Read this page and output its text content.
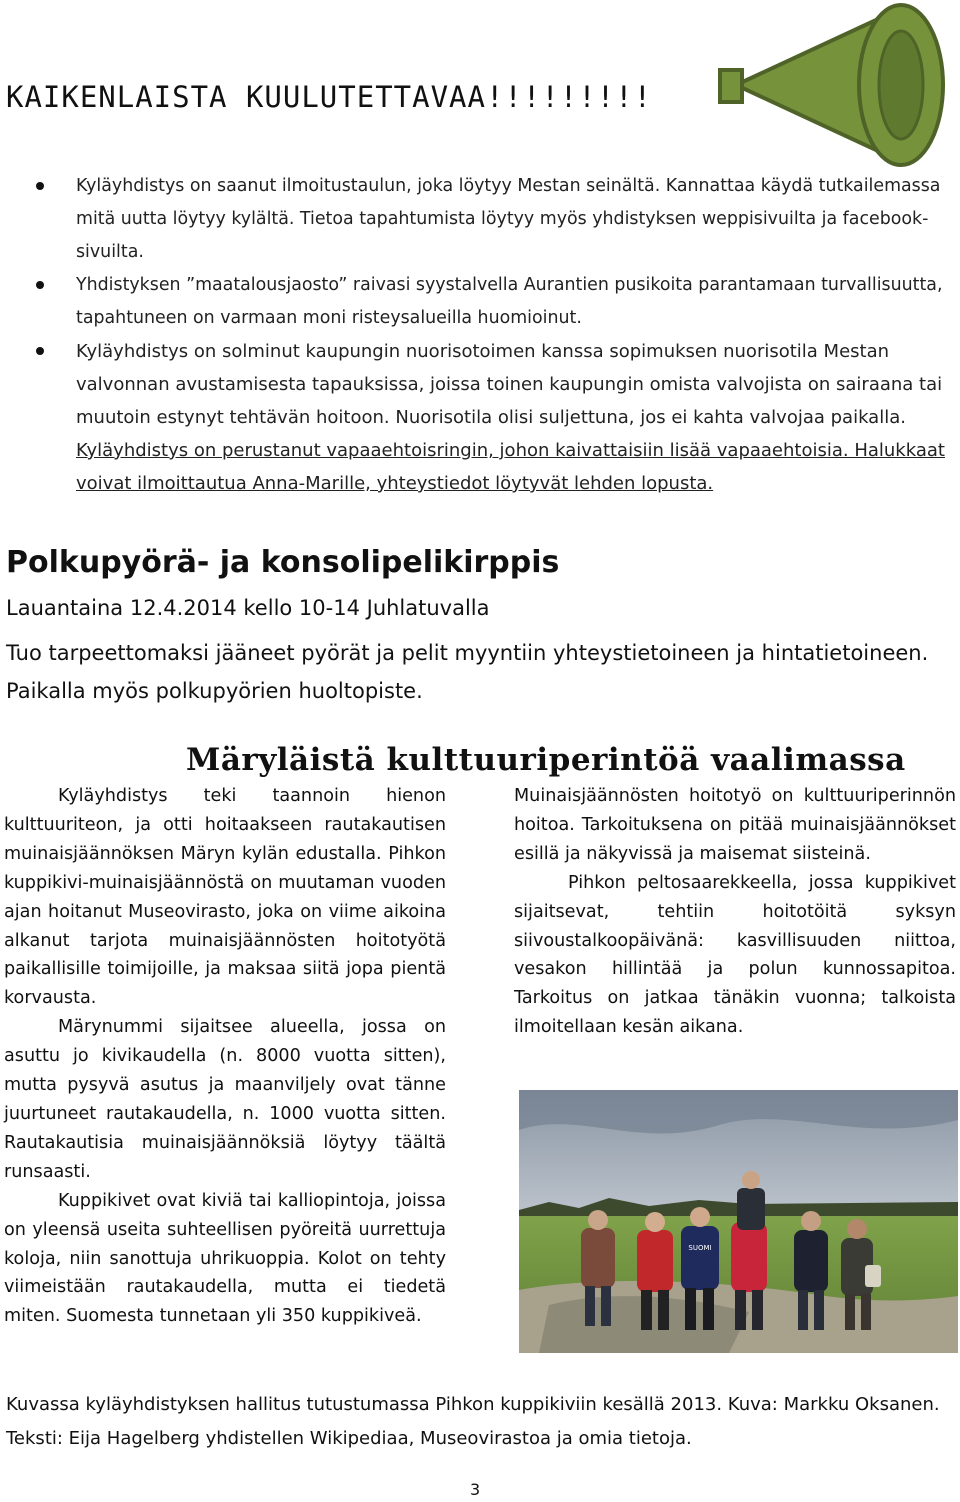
KAIKENLAISTA KUULUTETTAVAA!!!!!!!!!
Kyläyhdistys on saanut ilmoitustaulun, joka löytyy Mestan seinältä. Kannattaa käydä tutkailemassa mitä uutta löytyy kylältä. Tietoa tapahtumista löytyy myös yhdistyksen weppisivuilta ja facebook- sivuilta.
Yhdistyksen ”maatalousjaosto” raivasi syystalvella Aurantien pusikoita parantamaan turvallisuutta, tapahtuneen on varmaan moni risteysalueilla huomioinut.
Kyläyhdistys on solminut kaupungin nuorisotoimen kanssa sopimuksen nuorisotila Mestan valvonnan avustamisesta tapauksissa, joissa toinen kaupungin omista valvojista on sairaana tai muutoin estynyt tehtävän hoitoon. Nuorisotila olisi suljettuna, jos ei kahta valvojaa paikalla. Kyläyhdistys on perustanut vapaaehtoisringin, johon kaivattaisiin lisää vapaaehtoisia. Halukkaat voivat ilmoittautua Anna-Marille, yhteystiedot löytyvät lehden lopusta.
Polkupyörä- ja konsolipelikirppis
Lauantaina 12.4.2014 kello 10-14 Juhlatuvalla
Tuo tarpeettomaksi jääneet pyörät ja pelit myyntiin yhteystietoineen ja hintatietoineen. Paikalla myös polkupyörien huoltopiste.
Märyläistä kulttuuriperintöä vaalimassa

Kyläyhdistys teki taannoin hienon kulttuuriteon, ja otti hoitaakseen rautakautisen muinaisjäännöksen Märyn kylän edustalla. Pihkon kuppikivi-muinaisjäännöstä on muutaman vuoden ajan hoitanut Museovirasto, joka on viime aikoina alkanut tarjota muinaisjäännösten hoitotyötä paikallisille toimijoille, ja maksaa siitä jopa pientä korvausta.

Märynummi sijaitsee alueella, jossa on asuttu jo kivikaudella (n. 8000 vuotta sitten), mutta pysyvä asutus ja maanviljely ovat tänne juurtuneet rautakaudella, n. 1000 vuotta sitten. Rautakautisia muinaisjäännöksiä löytyy täältä runsaasti.

Kuppikivet ovat kiviä tai kalliopintoja, joissa on yleensä useita suhteellisen pyöreitä uurrettuja koloja, niin sanottuja uhrikuoppia. Kolot on tehty viimeistään rautakaudella, mutta ei tiedetä miten. Suomesta tunnetaan yli 350 kuppikiveä.

Muinaisjäännösten hoitotyö on kulttuuriperinnön hoitoa. Tarkoituksena on pitää muinaisjäännökset esillä ja näkyvissä ja maisemat siisteinä.

Pihkon peltosaarekkeella, jossa kuppikivet sijaitsevat, tehtiin hoitotöitä syksyn siivoustalkoopäivänä: kasvillisuuden niittoa, vesakon hillintää ja polun kunnossapitoa. Tarkoitus on jatkaa tänäkin vuonna; talkoista ilmoitellaan kesän aikana.

SUOMI
Kuvassa kyläyhdistyksen hallitus tutustumassa Pihkon kuppikiviin kesällä 2013. Kuva: Markku Oksanen. Teksti: Eija Hagelberg yhdistellen Wikipediaa, Museovirastoa ja omia tietoja.
3
